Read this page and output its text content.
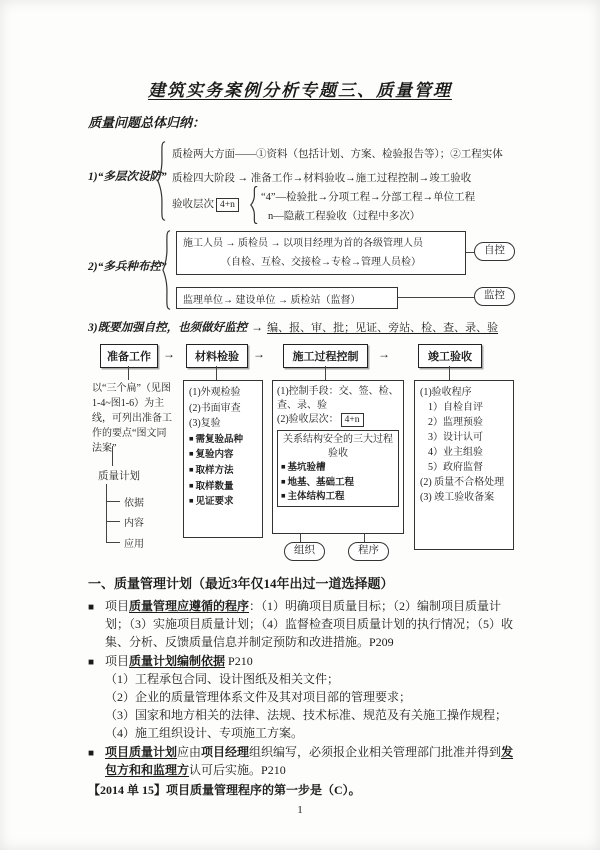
建筑实务案例分析专题三、质量管理
质量问题总体归纳：
1)“多层次设防”
质检两大方面——①资料（包括计划、方案、检验报告等）；②工程实体
质检四大阶段 → 准备工作→材料验收→施工过程控制→竣工验收
验收层次 4+n
“4”—检验批→分项工程→分部工程→单位工程
n—隐蔽工程验收（过程中多次）
2)“多兵种布控”
施工人员 → 质检员 → 以项目经理为首的各级管理人员
（自检、互检、交接检→专检→管理人员检）
自控
监理单位→ 建设单位 → 质检站（监督）	监控
3)既要加强自控，也须做好监控 → 编、报、审、批；见证、旁站、检、查、录、验
准备工作	→	材料检验	→	施工过程控制	→	竣工验收
以“三个扁”（见图1-4~图1-6）为主线，可列出准备工作的要点“图文同法案”
质量计划
依据
内容
应用
(1)外观检验
(2)书面审查
(3)复验
■ 需复验品种
■ 复验内容
■ 取样方法
■ 取样数量
■ 见证要求
(1)控制手段：交、签、检、查、录、验
(2)验收层次： 4+n
关系结构安全的三大过程验收
■ 基坑验槽
■ 地基、基础工程
■ 主体结构工程
组织	程序
(1)验收程序
1）自检自评
2）监理预验
3）设计认可
4）业主组验
5）政府监督
(2) 质量不合格处理
(3) 竣工验收备案
一、质量管理计划（最近3年仅14年出过一道选择题）
■ 项目质量管理应遵循的程序：（1）明确项目质量目标；（2）编制项目质量计划；（3）实施项目质量计划；（4）监督检查项目质量计划的执行情况；（5）收集、分析、反馈质量信息并制定预防和改进措施。P209
■ 项目质量计划编制依据 P210
（1）工程承包合同、设计图纸及相关文件；
（2）企业的质量管理体系文件及其对项目部的管理要求；
（3）国家和地方相关的法律、法规、技术标准、规范及有关施工操作规程；
（4）施工组织设计、专项施工方案。
■ 项目质量计划应由项目经理组织编写，必须报企业相关管理部门批准并得到发包方和和监理方认可后实施。P210
【2014 单 15】项目质量管理程序的第一步是（C）。
1
